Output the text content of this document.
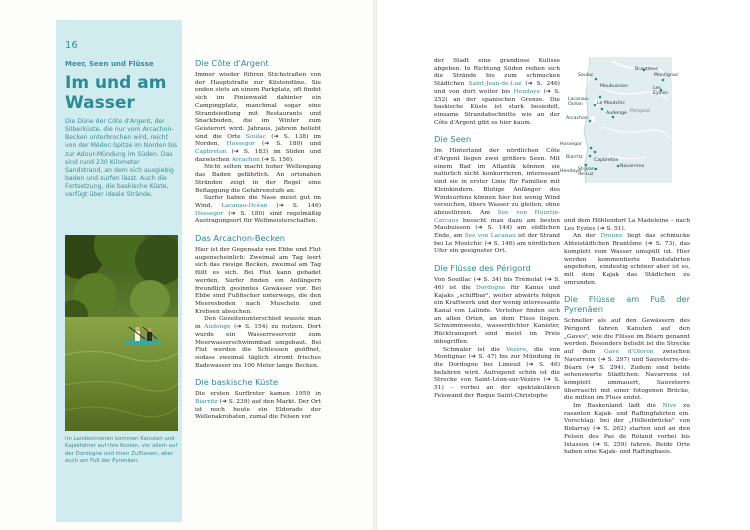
16
Meer, Seen und Flüsse
Im und am
Wasser
Die Düne der Côte d'Argent, der Silberküste, die nur vom Arcachon-Becken unterbrochen wird, reicht von der Médoc-Spitze im Norden bis zur Adour-Mündung im Süden. Das sind rund 230 Kilometer Sandstrand, an dem sich ausgiebig baden und surfen lässt. Auch die Fortsetzung, die baskische Küste, verfügt über ideale Strände.
Im Landesinneren kommen Kanuten und Kajakfahrer auf ihre Kosten, vor allem auf der Dordogne und ihren Zuflüssen, aber auch am Fuß der Pyrenäen.
Die Côte d'Argent

Immer wieder führen Stichstraßen von der Hauptstraße zur Küstendüne. Sie enden stets an einem Parkplatz, oft findet sich im Pinienwald dahinter ein Campingplatz, manchmal sogar eine Strandsiedlung mit Restaurants und Snackbuden, die im Winter zum Geisterort wird. Jahraus, jahrein beliebt sind die Orte Soulac (➔ S. 138) im Norden, Hossegor (➔ S. 180) und Capbreton (➔ S. 183) im Süden und dazwischen Arcachon (➔ S. 156).

Nicht selten macht hoher Wellengang das Baden gefährlich. An ortsnahen Stränden zeigt in der Regel eine Beflaggung die Gefahrenstufe an.

Surfer haben die Nase meist gut im Wind. Lacanau-Océan (➔ S. 146) Hossegor (➔ S. 180) sind regelmäßig Austragungsort für Weltmeisterschaften.

Das Arcachon-Becken

Hier ist der Gegensatz von Ebbe und Flut augenscheinlich: Zweimal am Tag leert sich das riesige Becken, zweimal am Tag füllt es sich. Bei Flut kann gebadet werden, Surfer finden ein Anfängern freundlich gesinntes Gewässer vor. Bei Ebbe sind Fußfischer unterwegs, die den Meeresboden nach Muscheln und Krebsen absuchen.

Den Gezeitenunterschied wusste man in Audenge (➔ S. 154) zu nutzen. Dort wurde ein Wasserreservoir zum Meerwasserschwimmbad umgebaut. Bei Flut werden die Schleusen geöffnet, sodass zweimal täglich stromt frisches Badewasser ins 100 Meter lange Becken.

Die baskische Küste

Die ersten Surftreter kamen 1959 in Biarritz (➔ S. 239) auf den Markt. Der Ort ist noch heute ein Eldorado der Wellenakrobaten, zumal die Felsen vor

der Stadt eine grandiose Kulisse abgeben. In Richtung Süden reihen sich die Strände bis zum schmucken Städtchen Saint-Jean-de-Luz (➔ S. 246) und von dort weiter bis Hendaye (➔ S. 252) an der spanischen Grenze. Die baskische Küste ist stark besiedelt, einsame Strandabschnitte wie an der Côte d'Argent gibt es hier kaum.

Die Seen

Im Hinterland der nördlichen Côte d'Argent liegen zwei größere Seen. Mit einem Bad im Atlantik können sie natürlich nicht konkurrieren, interessant sind sie in erster Linie für Familien mit Kleinkindern. Blutige Anfänger des Windsurfens können hier bei wenig Wind versuchen, übers Wasser zu gleiten, ohne abzustürzen. Am See von Hourtin-Carcans besucht man dazu am besten Maubuisson (➔ S. 144) am südlichen Ende, am See von Lacanau ist der Strand bei Le Moutchic (➔ S. 146) am nördlichen Ufer ein geeigneter Ort.

Die Flüsse des Périgord

Von Souillac (➔ S. 34) bis Trémolat (➔ S. 46) ist die Dordogne für Kanus und Kajaks „schiffbar", weiter abwärts folgen ein Kraftwerk und der wenig interessante Kanal von Lalinde. Verleiher finden sich an allen Orten, an dem Fluss liegen. Schwimmweste, wasserdichter Kanister, Rücktransport sind meist im Preis inbegriffen.

Schmaler ist die Vézère, die von Montignac (➔ S. 47) bis zur Mündung in die Dordogne bei Limeuil (➔ S. 46) befahren wird. Aufregend schön ist die Strecke von Saint-Léon-sur-Vézère (➔ S. 51) – vorbei an der spektakulären Felswand der Roque Saint-Christophe

und dem Höhlendorf La Madeleine – nach Les Eyzies (➔ S. 51).

An der Dronne liegt das schmucke Abteistädtchen Brantôme (➔ S. 73), das komplett vom Wasser umspült ist. Hier werden kommentierte Bootsfahrten angeboten, eindeutig schöner aber ist es, mit dem Kajak das Städtchen zu umrunden.

Die Flüsse am Fuß der Pyrenäen

Schneller als auf den Gewässern des Périgord fahren Kanuten auf den „Gaves", wie die Flüsse im Béarn genannt werden. Besonders beliebt ist die Strecke auf dem Gave d'Oloron zwischen Navarrenx (➔ S. 297) und Sauveterre-de-Béarn (➔ S. 294). Zudem sind beide sehenswerte Städtchen: Navarrenx ist komplett ummauert, Sauveterre überrascht mit einer fotogenen Brücke, die mitten im Fluss endet.

Im Baskenland lädt die Nive zu rasanten Kajak- und Raftingfahrten ein. Vorschlag: bei der „Höllenbrücke" von Bidarray (➔ S. 262) starten und an den Felsen des Pas de Roland vorbei bis Ixtassou (➔ S. 259) fahren. Beide Orte haben eine Kajak- und Raftingbasis.

Brantôme
Montignac
Les Eyzies
Soulac
Maubuisson
Lacanau-Océan	Le Moutchic
Audenge
Arcachon
Périgord
Hossegor
Biarritz
Capbreton
Navarrenx
Hendaye
St-Jean-de-Luz
